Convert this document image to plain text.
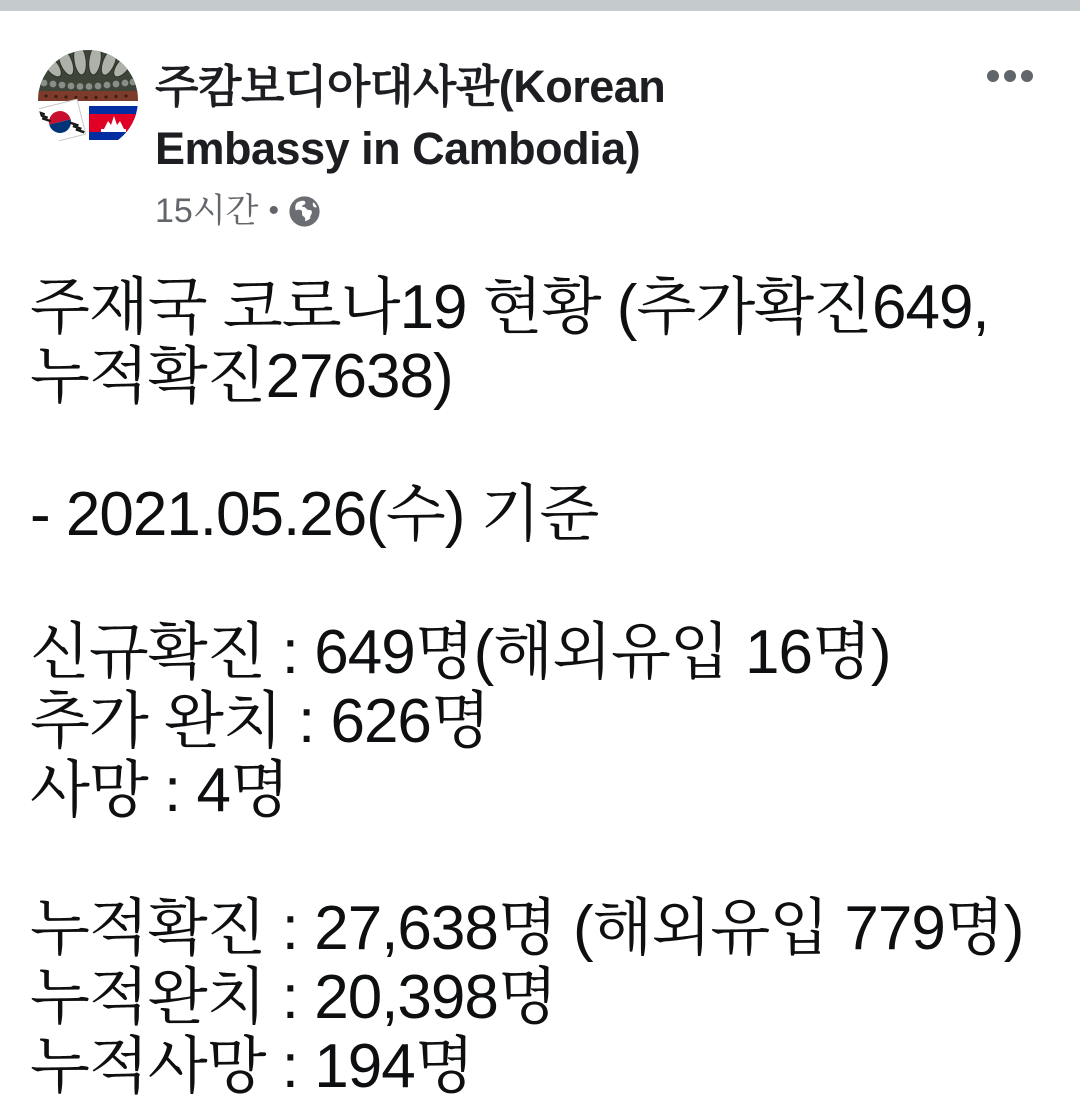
주캄보디아대사관(Korean
Embassy in Cambodia)
15시간 •

주재국 코로나19 현황 (추가확진649,
누적확진27638)

- 2021.05.26(수) 기준

신규확진 : 649명(해외유입 16명)
추가 완치 : 626명
사망 : 4명

누적확진 : 27,638명 (해외유입 779명)
누적완치 : 20,398명
누적사망 : 194명
